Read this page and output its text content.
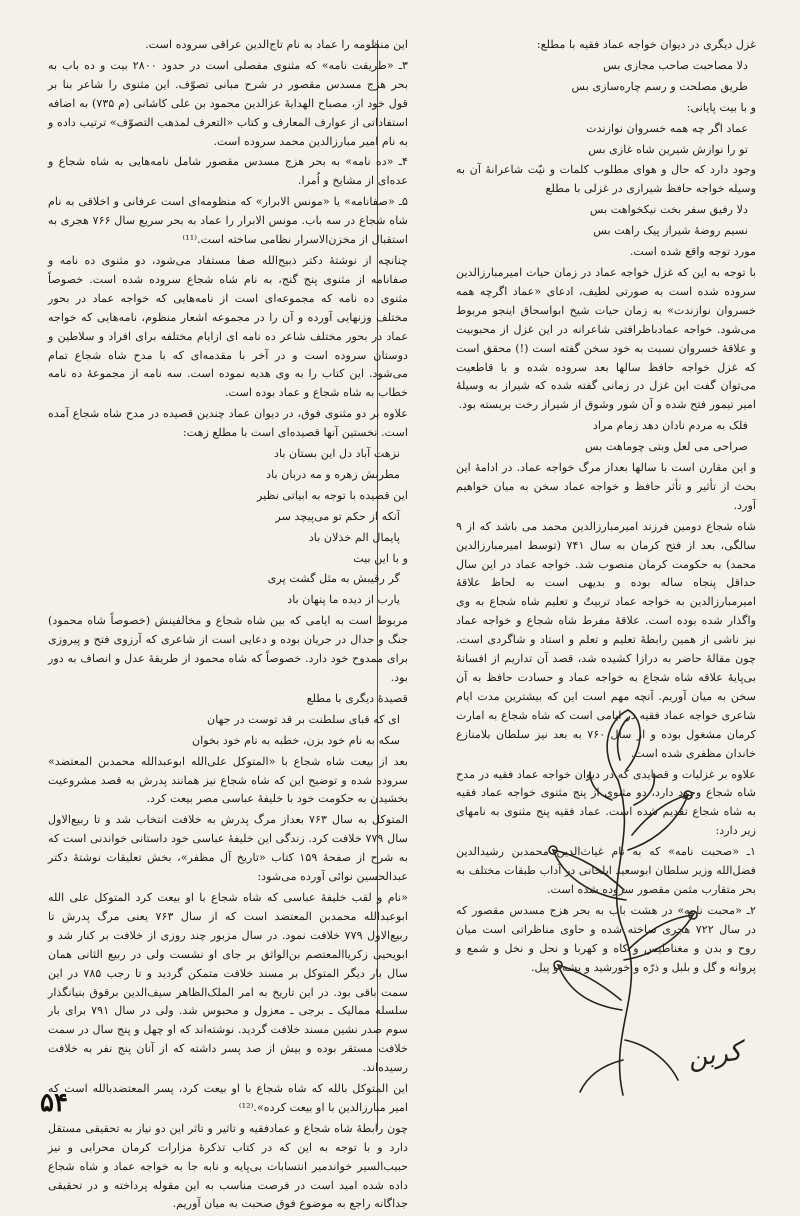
غزل دیگری در دیوان خواجه عماد فقیه با مطلع:

دلا مصاحبت صاحب مجازی بس

طریق مصلحت و رسم چاره‌سازی بس

و با بیت پایانی:

عماد اگر چه همه خسروان نوازندت

تو را نوازش شیرین شاه غازی بس

وجود دارد که حال و هوای مطلوب کلمات و نیّت شاعرانهٔ آن به وسیله خواجه حافظ شیرازی در غزلی با مطلع

دلا رفیق سفر بخت نیکخواهت بس

نسیم روضهٔ شیراز پیک راهت بس

مورد توجه واقع شده است.

با توجه به این که غزل خواجه عماد در زمان حیات امیرمبارزالدین سروده شده است به صورتی لطیف، ادعای «عماد اگرچه همه خسروان نوازندت» به زمان حیات شیخ ابواسحاق اینجو مربوط می‌شود. خواجه عمادباظرافتی شاعرانه در این غزل از محبوبیت و علاقهٔ خسروان نسبت به خود سخن گفته است (!) محقق است که غزل خواجه حافظ سالها بعد سروده شده و با قاطعیت می‌توان گفت این غزل در زمانی گفته شده که شیراز به وسیلهٔ امیر تیمور فتح شده و آن شور وشوق از شیراز رخت بربسته بود.

فلک به مردم نادان دهد زمام مراد

صراحی می لعل وبتی چوماهت بس

و این مقارن است با سالها بعداز مرگ خواجه عماد. در ادامهٔ این بحث از تأثیر و تأثر حافظ و خواجه عماد سخن به میان خواهیم آورد.

شاه شجاع دومین فرزند امیرمبارزالدین محمد می باشد که از ۹ سالگی، بعد از فتح کرمان به سال ۷۴۱ (توسط امیرمبارزالدین محمد) به حکومت کرمان منصوب شد. خواجه عماد در این سال حداقل پنجاه ساله بوده و بدیهی است به لحاظ علاقهٔ امیرمبارزالدین به خواجه عماد تربیتٌ و تعلیم شاه شجاع به وی واگذار شده بوده است. علاقهٔ مفرط شاه شجاع و خواجه عماد نیز ناشی از همین رابطهٔ تعلیم و تعلم و استاد و شاگردی است. چون مقالهٔ حاضر به درازا کشیده شد، قصد آن تداریم از افسانهٔ بی‌پایهٔ علاقه شاه شجاع به خواجه عماد و حسادت حافظ به آن سخن به میان آوریم. آنچه مهم است این که بیشترین مدت ایام شاعری خواجه عماد فقیه در ایامی است که شاه شجاع به امارت کرمان مشغول بوده و از سال ۷۶۰ به بعد نیز سلطان بلامنازع خاندان مظفری شده است.

علاوه بر غزلیات و قصایدی که در دیوان خواجه عماد فقیه در مدح شاه شجاع وجود دارد، دو مثنوی از پنج مثنوی خواجه عماد فقیه به شاه شجاع تقدیم شده است. عماد فقیه پنج مثنوی به نامهای زیر دارد:

۱ـ «صحبت نامه» که به نام غیاث‌الدین محمدبن رشیدالدین فضل‌الله وزیر سلطان ابوسعید ایلخانی در آداب طبقات مختلف به بحر متقارب مثمن مقصور سروده شده است.

۲ـ «محبت نامه» در هشت باب به بحر هزج مسدس مقصور که در سال ۷۲۲ هجری ساخته شده و حاوی مناظراتی است میان روح و بدن و مغناطیس و کاه و کهربا و نحل و نخل و شمع و پروانه و گل و بلبل و ذرّه و خورشید و پشه و پیل.

این منظومه را عماد به نام تاج‌الدین عراقی سروده است.

۳ـ «طریقت نامه» که مثنوی مفصلی است در حدود ۲۸۰۰ بیت و ده باب به بحر هزج مسدس مقصور در شرح مبانی تصوّف. این مثنوی را شاعر بنا بر قول خود از، مصباح الهدایهٔ عزالدین محمود بن علی کاشانی (م ۷۳۵) به اضافه استفاداتی از عوارف المعارف و کتاب «التعرف لمذهب التصوّف» ترتیب داده و به نام امیر مبارزالدین محمد سروده است.

۴ـ «ده نامه» به بحر هزج مسدس مقصور شامل نامه‌هایی به شاه شجاع و عده‌ای از مشایخ و اُمرا.

۵ـ «صفانامه» یا «مونس الابرار» که منظومه‌ای است عرفانی و اخلاقی به نام شاه شجاع در سه باب. مونس الابرار را عماد به بحر سریع سال ۷۶۶ هجری به استقبال از مخزن‌الاسرار نظامی ساخته است.⁽¹¹⁾

چنانچه از نوشتهٔ دکتر ذبیح‌الله صفا مستفاد می‌شود، دو مثنوی ده نامه و صفانامه از مثنوی پنج گنج، به نام شاه شجاع سروده شده است. خصوصاً مثنوی ده نامه که مجموعه‌ای است از نامه‌هایی که خواجه عماد در بحور مختلف وزنهایی آورده و آن را در مجموعه اشعار منظوم، نامه‌هایی که خواجه عماد در بحور مختلف شاعر ده نامه ای ازایام مختلفه برای افراد و سلاطین و دوستان سروده است و در آخر با مقدمه‌ای که با مدح شاه شجاع تمام می‌شود. این کتاب را به وی هدیه نموده است. سه نامه از مجموعهٔ ده نامه خطاب به شاه شجاع و عماد بوده است.

علاوه بر دو مثنوی فوق، در دیوان عماد چندین قصیده در مدح شاه شجاع آمده است. نخستین آنها قصیده‌ای است با مطلع زهت:

نزهت آباد دل این بستان باد

مطربش زهره و مه دربان باد

این قصیده با توجه به ابیاتی نظیر

آنکه از حکم تو می‌پیچد سر

پایمال الم خذلان باد

و با این بیت

گر رقیبش به مثل گشت پری

یارب از دیده ما پنهان باد

مربوط است به ایامی که بین شاه شجاع و مخالفینش (خصوصاً شاه محمود) جنگ و جدال در جریان بوده و دعایی است از شاعری که آرزوی فتح و پیروزی برای ممدوح خود دارد. خصوصاً که شاه محمود از طریقهٔ عدل و انصاف به دور بود.

قصیدهٔ دیگری با مطلع

ای که قبای سلطنت بر قد توست در جهان

سکه به نام خود بزن، خطبه به نام خود بخوان

بعد از بیعت شاه شجاع با «المتوکل علی‌الله ابوعبدالله محمدبن المعتضد» سروده شده و توضیح این که شاه شجاع نیز همانند پدرش به قصد مشروعیت بخشیدن به حکومت خود با خلیفهٔ عباسی مصر بیعت کرد.

المتوکل به سال ۷۶۳ بعداز مرگ پدرش به خلافت انتخاب شد و تا ربیع‌الاول سال ۷۷۹ خلافت کرد. زندگی این خلیفهٔ عباسی خود داستانی خواندنی است که به شرح از صفحهٔ ۱۵۹ کتاب «تاریخ آل مظفر»، بخش تعلیقات نوشتهٔ دکتر عبدالحسین نوائی آورده می‌شود:

«نام و لقب خلیفهٔ عباسی که شاه شجاع با او بیعت کرد المتوکل علی الله ابوعبدالله محمدبن المعتضد است که از سال ۷۶۳ یعنی مرگ پدرش تا ربیع‌الاول ۷۷۹ خلافت نمود. در سال مزبور چند روزی از خلافت بر کنار شد و ابویحیی زکریاالمعتصم بن‌الواثق بر جای او نشست ولی در ربیع الثانی همان سال بار دیگر المتوکل بر مسند خلافت متمکن گردید و تا رجب ۷۸۵ در این سمت باقی بود. در این تاریخ به امر الملک‌الظاهر سیف‌الدین برقوق بنیانگذار سلسله ممالیک ـ برجی ـ معزول و محبوس شد. ولی در سال ۷۹۱ برای بار سوم صدر نشین مسند خلافت گردید. نوشته‌اند که او چهل و پنج سال در سمت خلافت مستقر بوده و بیش از صد پسر داشته که از آنان پنج نفر به خلافت رسیده‌اند.

این المتوکل بالله که شاه شجاع با او بیعت کرد، پسر المعتضدبالله است که امیر مبارزالدین با او بیعت کرده».⁽¹²⁾

چون رابطهٔ شاه شجاع و عمادفقیه و تاثیر و تاثر این دو نیاز به تحقیقی مستقل دارد و با توجه به این که در کتاب تذکرهٔ مزارات کرمان محرابی و نیز حبیب‌السیر خواندمیر انتسابات بی‌پایه و نابه جا به خواجه عماد و شاه شجاع داده شده امید است در فرصت مناسب به این مقوله پرداخته و در تحقیقی جداگانه راجع به موضوع فوق صحبت به میان آوریم.

کربن
۵۴
